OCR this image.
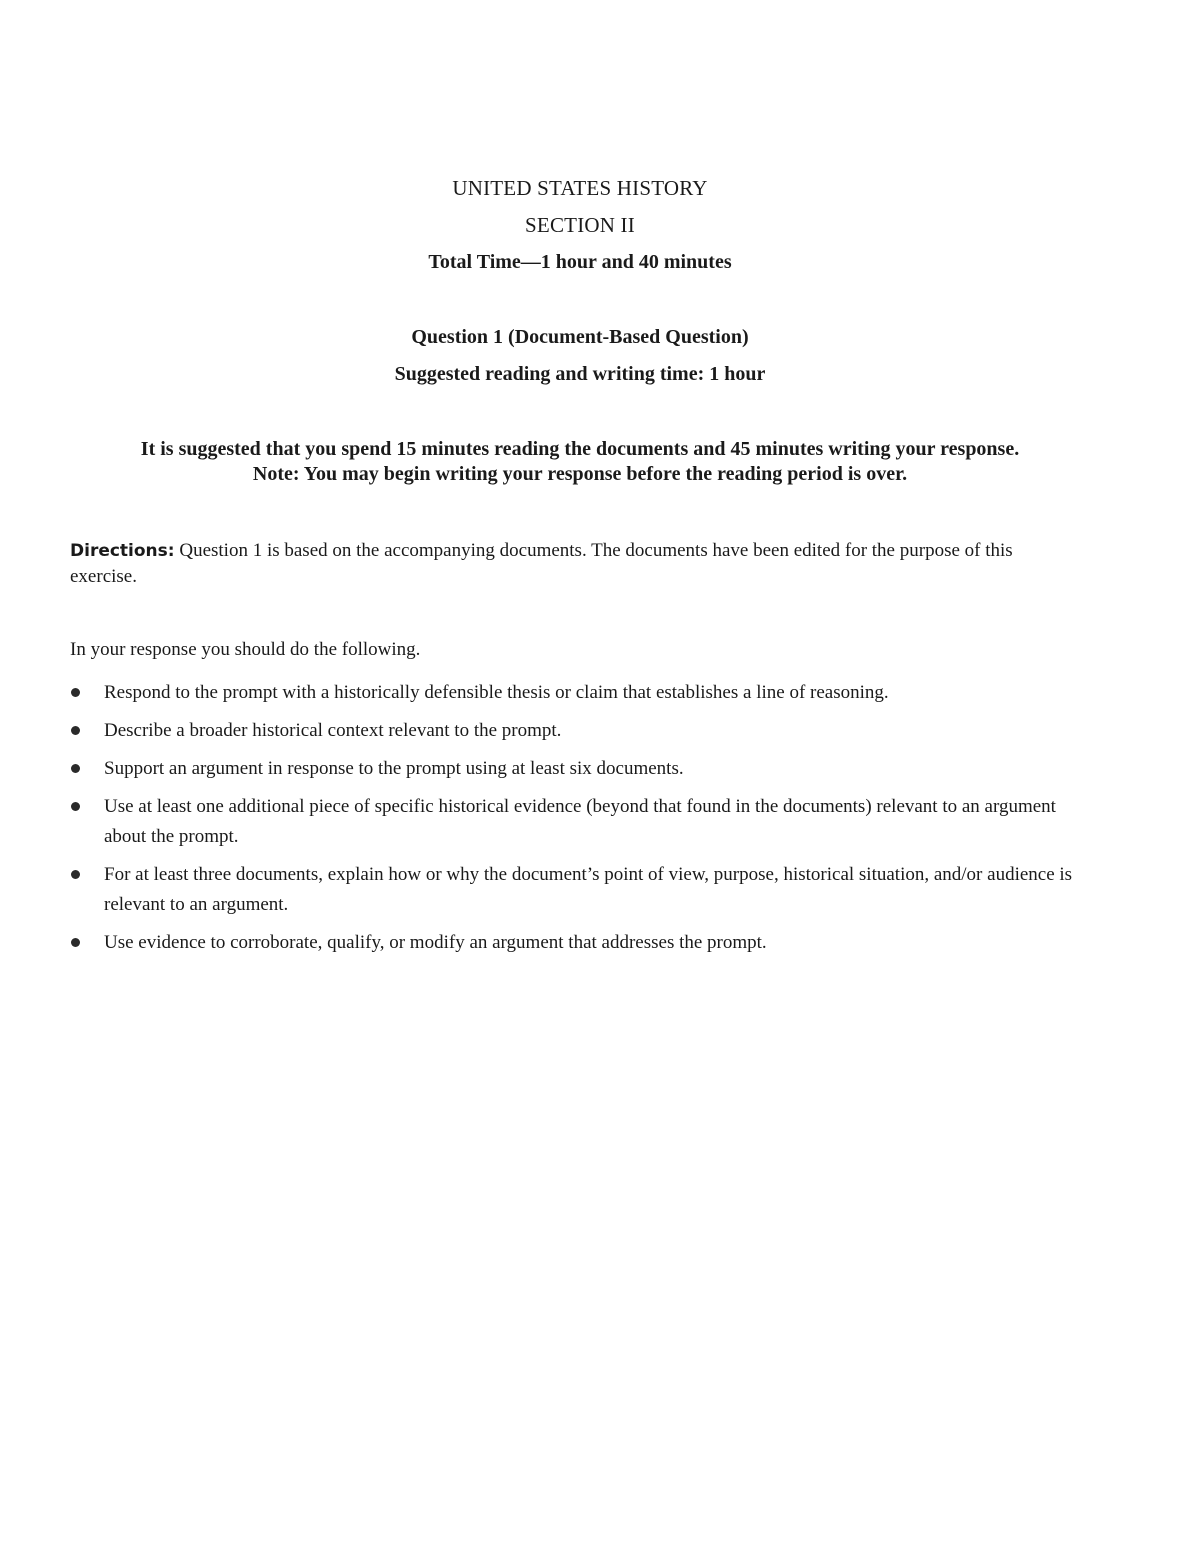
UNITED STATES HISTORY
SECTION II
Total Time—1 hour and 40 minutes
Question 1 (Document-Based Question)
Suggested reading and writing time: 1 hour
It is suggested that you spend 15 minutes reading the documents and 45 minutes writing your response.
Note: You may begin writing your response before the reading period is over.
Directions: Question 1 is based on the accompanying documents. The documents have been edited for the purpose of this exercise.
In your response you should do the following.
Respond to the prompt with a historically defensible thesis or claim that establishes a line of reasoning.
Describe a broader historical context relevant to the prompt.
Support an argument in response to the prompt using at least six documents.
Use at least one additional piece of specific historical evidence (beyond that found in the documents) relevant to an argument about the prompt.
For at least three documents, explain how or why the document’s point of view, purpose, historical situation, and/or audience is relevant to an argument.
Use evidence to corroborate, qualify, or modify an argument that addresses the prompt.
